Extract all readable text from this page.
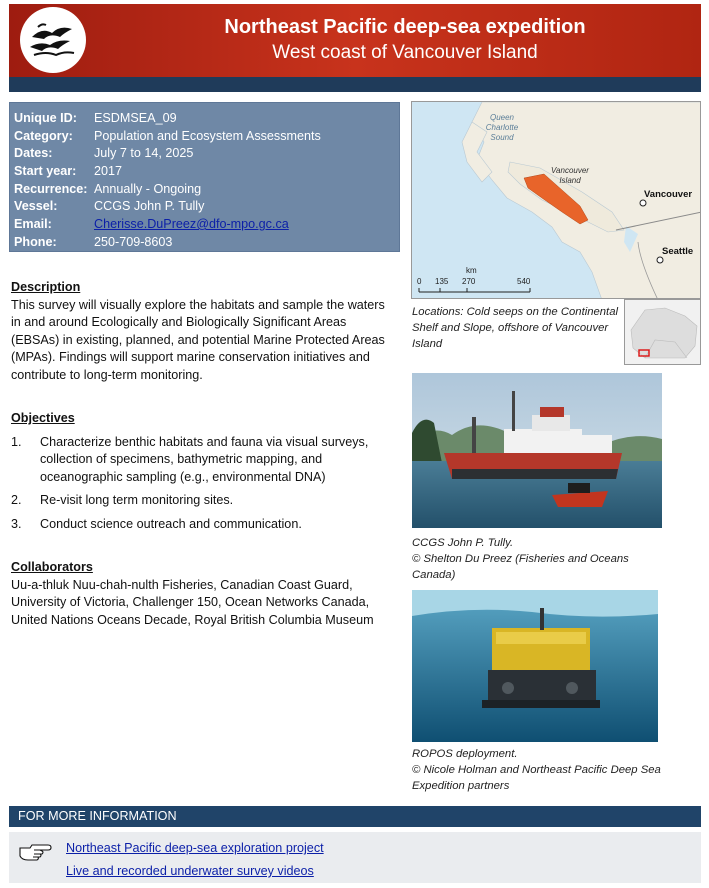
Northeast Pacific deep-sea expedition
West coast of Vancouver Island
Unique ID:	ESDMSEA_09
Category:	Population and Ecosystem Assessments
Dates:	July 7 to 14, 2025
Start year:	2017
Recurrence: Annually - Ongoing
Vessel:	CCGS John P. Tully
Email:	Cherisse.DuPreez@dfo-mpo.gc.ca
Phone:	250-709-8603
Description
This survey will visually explore the habitats and sample the waters in and around Ecologically and Biologically Significant Areas (EBSAs) in existing, planned, and potential Marine Protected Areas (MPAs). Findings will support marine conservation initiatives and contribute to long-term monitoring.
Objectives
1.	Characterize benthic habitats and fauna via visual surveys, collection of specimens, bathymetric mapping, and oceanographic sampling (e.g., environmental DNA)
2.	Re-visit long term monitoring sites.
3.	Conduct science outreach and communication.
Collaborators
Uu-a-thluk Nuu-chah-nulth Fisheries, Canadian Coast Guard, University of Victoria, Challenger 150, Ocean Networks Canada, United Nations Oceans Decade, Royal British Columbia Museum
Queen Charlotte Sound
Vancouver Island
Vancouver
Seattle
km
0 135 270	540
Locations: Cold seeps on the Continental Shelf and Slope, offshore of Vancouver Island
CCGS John P. Tully.
© Shelton Du Preez (Fisheries and Oceans Canada)
ROPOS deployment.
© Nicole Holman and Northeast Pacific Deep Sea Expedition partners
FOR MORE INFORMATION
Northeast Pacific deep-sea exploration project
Live and recorded underwater survey videos
